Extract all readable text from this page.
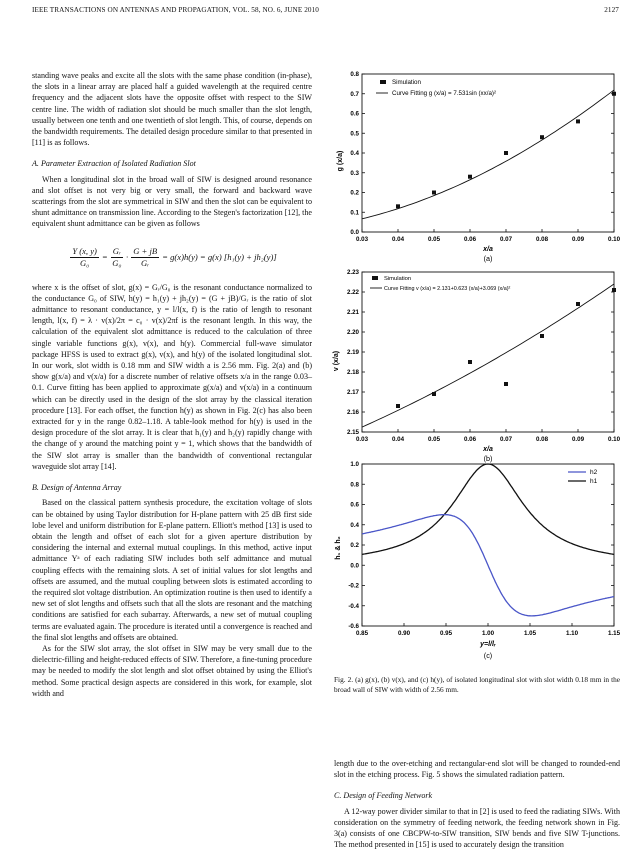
IEEE TRANSACTIONS ON ANTENNAS AND PROPAGATION, VOL. 58, NO. 6, JUNE 2010	2127

standing wave peaks and excite all the slots with the same phase condition (in-phase), the slots in a linear array are placed half a guided wavelength at the required centre frequency and the adjacent slots have the opposite offset with respect to the SIW centre line. The width of radiation slot should be much smaller than the slot length, usually between one tenth and one twentieth of slot length. This, of course, depends on the bandwidth requirements. The detailed design procedure similar to that presented in [11] is as follows.

A. Parameter Extraction of Isolated Radiation Slot

When a longitudinal slot in the broad wall of SIW is designed around resonance and slot offset is not very big or very small, the forward and backward wave scatterings from the slot are symmetrical in SIW and then the slot can be equivalent to shunt admittance on transmission line. According to the Stegen's factorization [12], the equivalent shunt admittance can be given as follows

$\frac{Y (x, y)}{\text{G₀}} = \frac{\text{Gᵣ}}{\text{G₀}} \cdot \frac{G + jB}{\text{Gᵣ}} = g(x)h(y) = g(x) [h_1(y) + jh_2(y)]$

where x is the offset of slot, g(x) = Gᵣ/G₀ is the resonant conductance normalized to the conductance G₀ of SIW, h(y) = h₁(y) + jh₂(y) = (G + jB)/Gᵣ is the ratio of slot admittance to resonant conductance, y = l/l(x, f) is the ratio of length to resonant length, l(x, f) = λ · v(x)/2π = c₀ · v(x)/2πf is the resonant length. In this way, the calculation of the equivalent slot admittance is reduced to the calculation of three single variable functions g(x), v(x), and h(y). Commercial full-wave simulator package HFSS is used to extract g(x), v(x), and h(y) of the isolated longitudinal slot. In our work, slot width is 0.18 mm and SIW width a is 2.56 mm. Fig. 2(a) and (b) show g(x/a) and v(x/a) for a discrete number of relative offsets x/a in the range 0.03–0.1. Curve fitting has been applied to approximate g(x/a) and v(x/a) in a continuum which can be directly used in the design of the slot array by the classical iteration procedure [13]. For each offset, the function h(y) as shown in Fig. 2(c) has also been extracted for y in the range 0.82–1.18. A table-look method for h(y) is used in the design procedure of the slot array. It is clear that h₁(y) and h₂(y) rapidly change with the change of y around the matching point y = 1, which shows that the bandwidth of the SIW slot array is smaller than the bandwidth of conventional rectangular waveguide slot array [14].

B. Design of Antenna Array

Based on the classical pattern synthesis procedure, the excitation voltage of slots can be obtained by using Taylor distribution for H-plane pattern with 25 dB first side lobe level and uniform distribution for E-plane pattern. Elliott's method [13] is used to obtain the length and offset of each slot for a given aperture distribution by considering the internal and external mutual couplings. In this method, active input admittance Yᵃ of each radiating SIW includes both self admittance and mutual coupling effects with the remaining slots. A set of initial values for slot lengths and offsets are assumed, and the mutual coupling between slots is estimated according to the required slot voltage distribution. An optimization routine is then used to identify a new set of slot lengths and offsets such that all the slots are resonant and the matching conditions are satisfied for each subarray. Afterwards, a new set of mutual coupling terms are evaluated again. The procedure is iterated until a convergence is reached and the final slot lengths and offsets are obtained.

As for the SIW slot array, the slot offset in SIW may be very small due to the dielectric-filling and height-reduced effects of SIW. Therefore, a fine-tuning procedure may be needed to modify the slot length and slot offset obtained by using the Elliot's method. Some practical design aspects are considered in this work, for example, slot width and

0.0
0.1
0.2
0.3
0.4
0.5
0.6
0.7
0.8
0.03	0.04	0.05	0.06	0.07	0.08	0.09	0.10
Simulation
Curve Fitting g (x/a) = 7.531sin (xx/a)²
g (x/a)
x/a
(a)
2.15
2.16
2.17
2.18
2.19
2.20
2.21
2.22
2.23
0.03	0.04	0.05	0.06	0.07	0.08	0.09	0.10
Simulation
Curve Fitting v (x/a) = 2.131+0.623 (x/a)+3.069 (x/a)²
v (x/a)
x/a
(b)
-0.6
-0.4
-0.2
0.0
0.2
0.4
0.6
0.8
1.0
0.85	0.90	0.95	1.00	1.05	1.10	1.15
h2
h1
h₁ & h₂
y=l/lᵣ
(c)
Fig. 2. (a) g(x), (b) v(x), and (c) h(y), of isolated longitudinal slot with slot width 0.18 mm in the broad wall of SIW with width of 2.56 mm.

length due to the over-etching and rectangular-end slot will be changed to rounded-end slot in the etching process. Fig. 5 shows the simulated radiation pattern.

C. Design of Feeding Network

A 12-way power divider similar to that in [2] is used to feed the radiating SIWs. With consideration on the symmetry of feeding network, the feeding network shown in Fig. 3(a) consists of one CBCPW-to-SIW transition, SIW bends and five SIW T-junctions. The method presented in [15] is used to accurately design the transition
